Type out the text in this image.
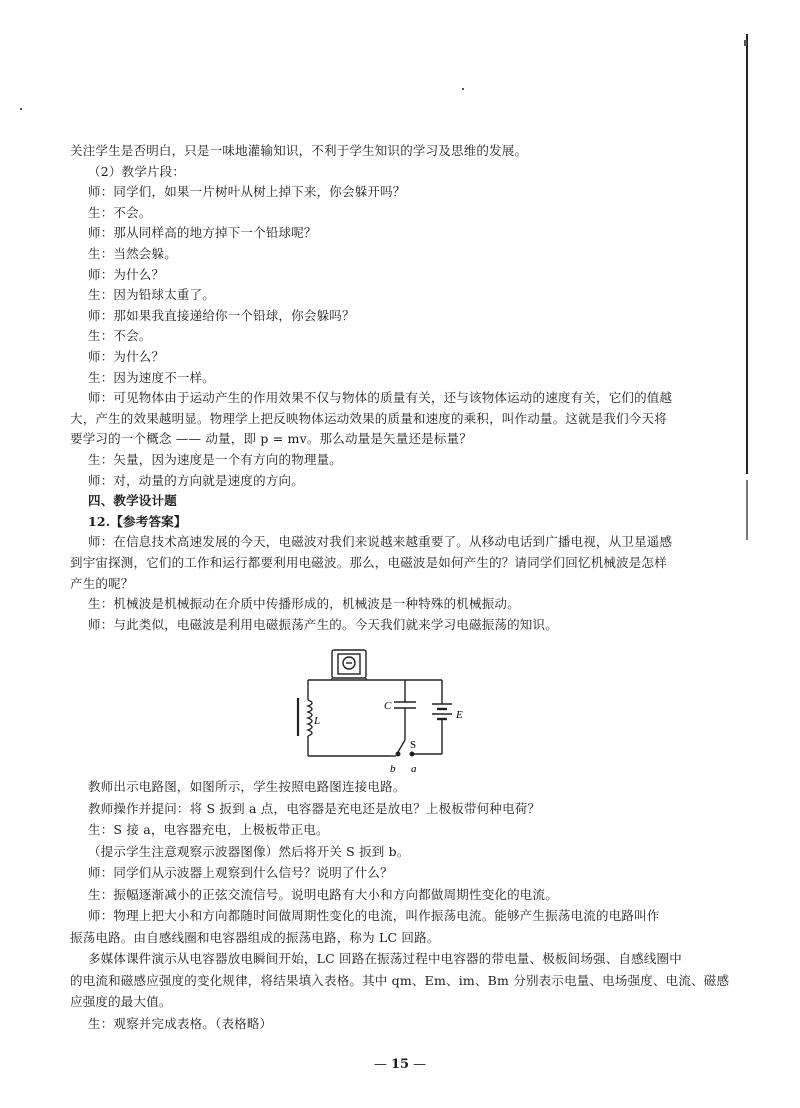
关注学生是否明白，只是一味地灌输知识，不利于学生知识的学习及思维的发展。
（2）教学片段：
师：同学们，如果一片树叶从树上掉下来，你会躲开吗？
生：不会。
师：那从同样高的地方掉下一个铅球呢？
生：当然会躲。
师：为什么？
生：因为铅球太重了。
师：那如果我直接递给你一个铅球，你会躲吗？
生：不会。
师：为什么？
生：因为速度不一样。
师：可见物体由于运动产生的作用效果不仅与物体的质量有关，还与该物体运动的速度有关，它们的值越
大，产生的效果越明显。物理学上把反映物体运动效果的质量和速度的乘积，叫作动量。这就是我们今天将
要学习的一个概念 —— 动量，即 p = mv。那么动量是矢量还是标量？
生：矢量，因为速度是一个有方向的物理量。
师：对，动量的方向就是速度的方向。
四、教学设计题
12.【参考答案】
师：在信息技术高速发展的今天，电磁波对我们来说越来越重要了。从移动电话到广播电视，从卫星遥感
到宇宙探测，它们的工作和运行都要利用电磁波。那么，电磁波是如何产生的？请同学们回忆机械波是怎样
产生的呢？
生：机械波是机械振动在介质中传播形成的，机械波是一种特殊的机械振动。
师：与此类似，电磁波是利用电磁振荡产生的。今天我们就来学习电磁振荡的知识。
L
C
E
S
b a
教师出示电路图，如图所示，学生按照电路图连接电路。
教师操作并提问：将 S 扳到 a 点，电容器是充电还是放电？上极板带何种电荷？
生：S 接 a，电容器充电，上极板带正电。
（提示学生注意观察示波器图像）然后将开关 S 扳到 b。
师：同学们从示波器上观察到什么信号？说明了什么？
生：振幅逐渐减小的正弦交流信号。说明电路有大小和方向都做周期性变化的电流。
师：物理上把大小和方向都随时间做周期性变化的电流，叫作振荡电流。能够产生振荡电流的电路叫作
振荡电路。由自感线圈和电容器组成的振荡电路，称为 LC 回路。
多媒体课件演示从电容器放电瞬间开始，LC 回路在振荡过程中电容器的带电量、极板间场强、自感线圈中
的电流和磁感应强度的变化规律，将结果填入表格。其中 qm、Em、im、Bm 分别表示电量、电场强度、电流、磁感
应强度的最大值。
生：观察并完成表格。（表格略）
— 15 —
